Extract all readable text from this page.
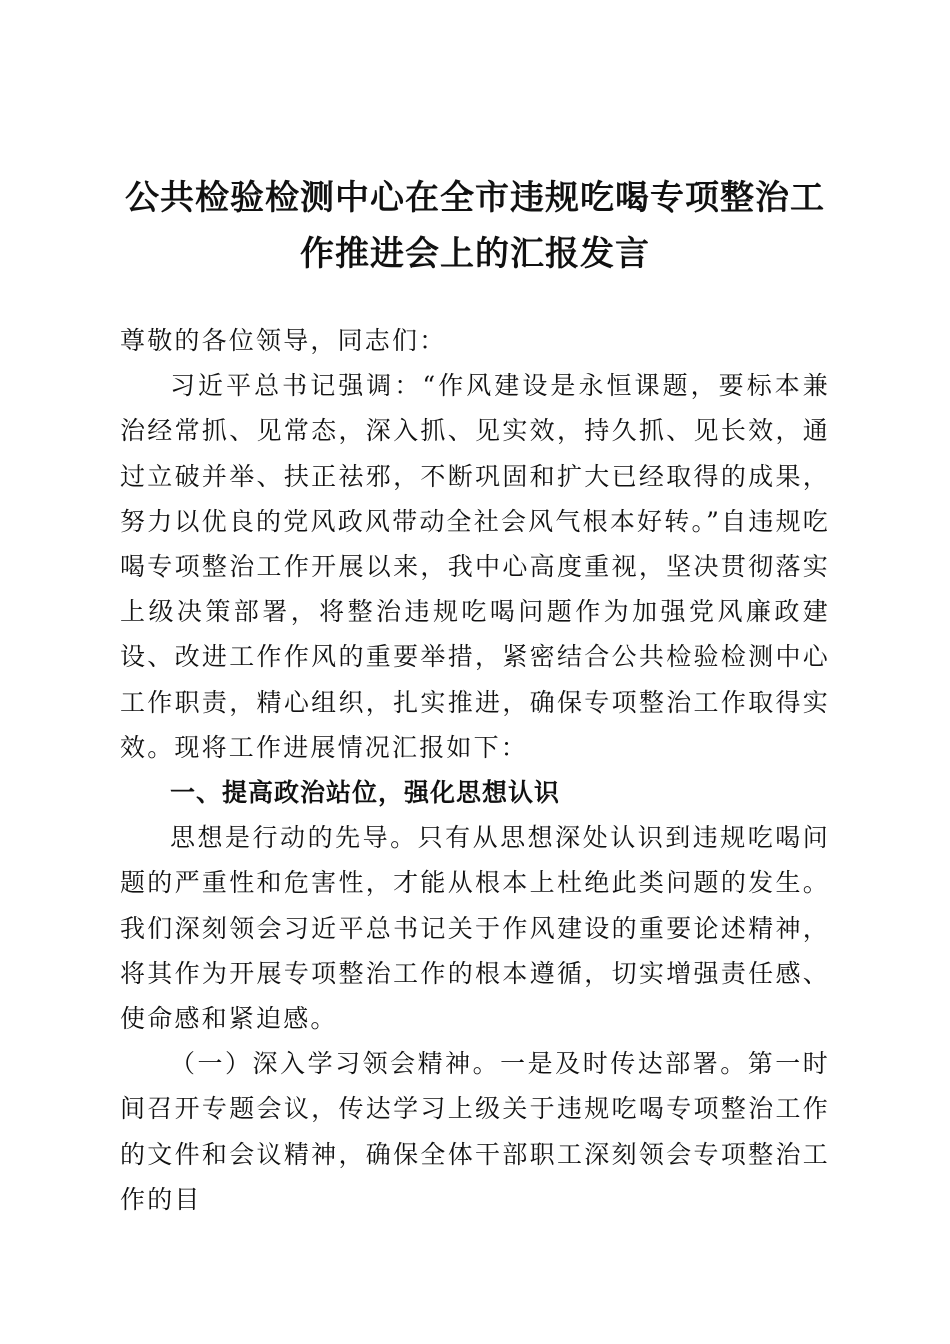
公共检验检测中心在全市违规吃喝专项整治工
作推进会上的汇报发言

尊敬的各位领导，同志们：

习近平总书记强调：“作风建设是永恒课题，要标本兼治经常抓、见常态，深入抓、见实效，持久抓、见长效，通过立破并举、扶正祛邪，不断巩固和扩大已经取得的成果，努力以优良的党风政风带动全社会风气根本好转。”自违规吃喝专项整治工作开展以来，我中心高度重视，坚决贯彻落实上级决策部署，将整治违规吃喝问题作为加强党风廉政建设、改进工作作风的重要举措，紧密结合公共检验检测中心工作职责，精心组织，扎实推进，确保专项整治工作取得实效。现将工作进展情况汇报如下：

一、提高政治站位，强化思想认识

思想是行动的先导。只有从思想深处认识到违规吃喝问题的严重性和危害性，才能从根本上杜绝此类问题的发生。我们深刻领会习近平总书记关于作风建设的重要论述精神，将其作为开展专项整治工作的根本遵循，切实增强责任感、使命感和紧迫感。

（一）深入学习领会精神。一是及时传达部署。第一时间召开专题会议，传达学习上级关于违规吃喝专项整治工作的文件和会议精神，确保全体干部职工深刻领会专项整治工作的目
